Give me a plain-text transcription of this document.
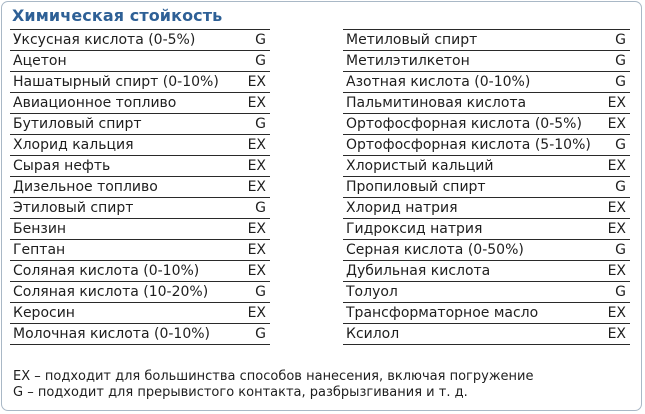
Химическая стойкость
Уксусная кислота (0-5%)	G
Ацетон	G
Нашатырный спирт (0-10%) EX
Авиационное топливо	EX
Бутиловый спирт	G
Хлорид кальция	EX
Сырая нефть	EX
Дизельное топливо	EX
Этиловый спирт	G
Бензин	EX
Гептан	EX
Соляная кислота (0-10%)	EX
Соляная кислота (10-20%)	G
Керосин	EX
Молочная кислота (0-10%)	G
Метиловый спирт	G
Метилэтилкетон	G
Азотная кислота (0-10%)	G
Пальмитиновая кислота	EX
Ортофосфорная кислота (0-5%) EX
Ортофосфорная кислота (5-10%) G
Хлористый кальций	EX
Пропиловый спирт	G
Хлорид натрия	EX
Гидроксид натрия	EX
Серная кислота (0-50%)	G
Дубильная кислота	EX
Толуол	G
Трансформаторное масло	EX
Ксилол	EX
EX – подходит для большинства способов нанесения, включая погружение
G – подходит для прерывистого контакта, разбрызгивания и т. д.
